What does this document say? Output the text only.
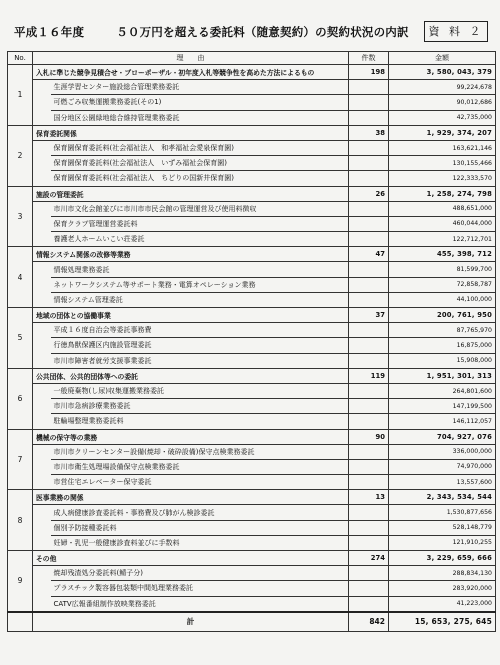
平成１６年度	５０万円を超える委託料（随意契約）の契約状況の内訳	資 料 ２
No.	理　　由		件数	金額
1	入札に準じた競争見積合せ・プローポーザル・初年度入札等競争性を高めた方法によるもの		198	3, 580, 043, 379
		生涯学習センター施設総合管理業務委託		99,224,678
		可燃ごみ収集運搬業務委託(その1)		90,012,686
		国分地区公園緑地総合維持管理業務委託		42,735,000
2	保育委託関係		38	1, 929, 374, 207
		保育園保育委託料(社会福祉法人　和孝福祉会愛泉保育園)		163,621,146
		保育園保育委託料(社会福祉法人　いずみ福祉会保育園)		130,155,466
		保育園保育委託料(社会福祉法人　ちどりの国新井保育園)		122,333,570
3	施設の管理委託		26	1, 258, 274, 798
		市川市文化会館並びに市川市市民会館の管理運営及び使用料徴収		488,651,000
		保育クラブ管理運営委託料		460,044,000
		養護老人ホームいこい荘委託		122,712,701
4	情報システム関係の改修等業務		47	455, 398, 712
		情報処理業務委託		81,599,700
		ネットワークシステム等サポート業務・電算オペレーション業務		72,858,787
		情報システム管理委託		44,100,000
5	地域の団体との協働事業		37	200, 761, 950
		平成１６度自治会等委託事務費		87,765,970
		行徳鳥獣保護区内施設管理委託		16,875,000
		市川市障害者就労支援事業委託		15,908,000
6	公共団体、公共的団体等への委託		119	1, 951, 301, 313
		一般廃棄物(し尿)収集運搬業務委託		264,801,600
		市川市急病診療業務委託		147,199,500
		駐輪場整理業務委託料		146,112,057
7	機械の保守等の業務		90	704, 927, 076
		市川市クリーンセンター設備(焼却・破砕設備)保守点検業務委託		336,000,000
		市川市衛生処理場設備保守点検業務委託		74,970,000
		市営住宅エレベーター保守委託		13,557,600
8	医事業務の関係		13	2, 343, 534, 544
		成人病健康診査委託料・事務費及び肺がん検診委託		1,530,877,656
		個別予防接種委託料		528,148,779
		妊婦・乳児一般健康診査料並びに手数料		121,910,255
9	その他		274	3, 229, 659, 666
		焼却残渣処分委託料(鯖子分)		288,834,130
		プラスチック製容器包装類中間処理業務委託		283,920,000
		CATV広報番組制作放映業務委託		41,223,000
	計		842	15, 653, 275, 645
